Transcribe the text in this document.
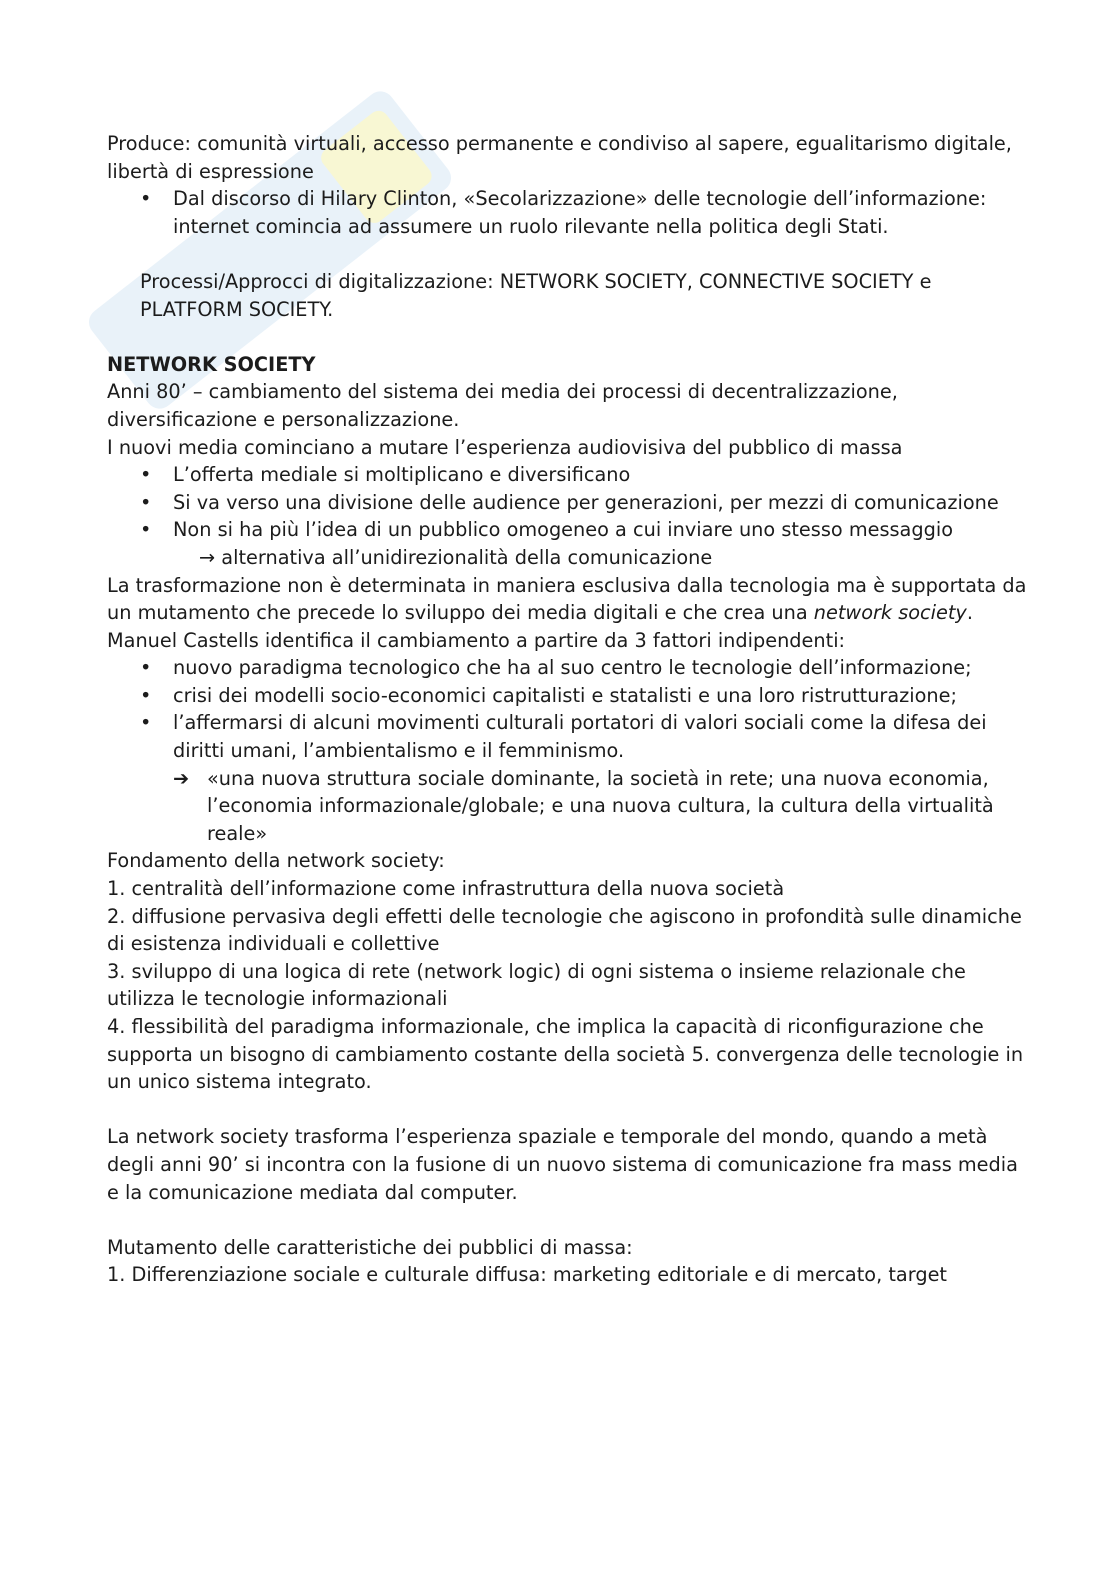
Produce: comunità virtuali, accesso permanente e condiviso al sapere, egualitarismo digitale, libertà di espressione

• Dal discorso di Hilary Clinton, «Secolarizzazione» delle tecnologie dell’informazione: internet comincia ad assumere un ruolo rilevante nella politica degli Stati.

Processi/Approcci di digitalizzazione: NETWORK SOCIETY, CONNECTIVE SOCIETY e PLATFORM SOCIETY.

NETWORK SOCIETY

Anni 80’ – cambiamento del sistema dei media dei processi di decentralizzazione, diversificazione e personalizzazione.

I nuovi media cominciano a mutare l’esperienza audiovisiva del pubblico di massa

• L’offerta mediale si moltiplicano e diversificano
• Si va verso una divisione delle audience per generazioni, per mezzi di comunicazione
• Non si ha più l’idea di un pubblico omogeneo a cui inviare uno stesso messaggio

→ alternativa all’unidirezionalità della comunicazione

La trasformazione non è determinata in maniera esclusiva dalla tecnologia ma è supportata da un mutamento che precede lo sviluppo dei media digitali e che crea una network society.

Manuel Castells identifica il cambiamento a partire da 3 fattori indipendenti:

• nuovo paradigma tecnologico che ha al suo centro le tecnologie dell’informazione;
• crisi dei modelli socio-economici capitalisti e statalisti e una loro ristrutturazione;
• l’affermarsi di alcuni movimenti culturali portatori di valori sociali come la difesa dei diritti umani, l’ambientalismo e il femminismo.
➔ «una nuova struttura sociale dominante, la società in rete; una nuova economia, l’economia informazionale/globale; e una nuova cultura, la cultura della virtualità reale»

Fondamento della network society:

1. centralità dell’informazione come infrastruttura della nuova società

2. diffusione pervasiva degli effetti delle tecnologie che agiscono in profondità sulle dinamiche di esistenza individuali e collettive

3. sviluppo di una logica di rete (network logic) di ogni sistema o insieme relazionale che utilizza le tecnologie informazionali

4. flessibilità del paradigma informazionale, che implica la capacità di riconfigurazione che supporta un bisogno di cambiamento costante della società 5. convergenza delle tecnologie in un unico sistema integrato.

La network society trasforma l’esperienza spaziale e temporale del mondo, quando a metà degli anni 90’ si incontra con la fusione di un nuovo sistema di comunicazione fra mass media e la comunicazione mediata dal computer.

Mutamento delle caratteristiche dei pubblici di massa:

1. Differenziazione sociale e culturale diffusa: marketing editoriale e di mercato, target
